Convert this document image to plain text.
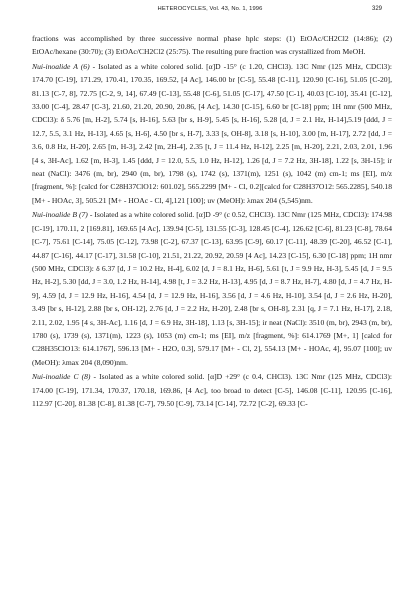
HETEROCYCLES, Vol. 43, No. 1, 1996	329

fractions was accomplished by three successive normal phase hplc steps: (1) EtOAc/CH2Cl2 (14:86); (2) EtOAc/hexane (30:70); (3) EtOAc/CH2Cl2 (25:75). The resulting pure fraction was crystallized from MeOH.

Nui-inoalide A (6) - Isolated as a white colored solid. [α]D -15° (c 1.20, CHCl3). 13C Nmr (125 MHz, CDCl3): 174.70 [C-19], 171.29, 170.41, 170.35, 169.52, [4 Ac], 146.00 br [C-5], 55.48 [C-11], 120.90 [C-16], 51.05 [C-20], 81.13 [C-7, 8], 72.75 [C-2, 9, 14], 67.49 [C-13], 55.48 [C-6], 51.05 [C-17], 47.50 [C-1], 40.03 [C-10], 35.41 [C-12], 33.00 [C-4], 28.47 [C-3], 21.60, 21.20, 20.90, 20.86, [4 Ac], 14.30 [C-15], 6.60 br [C-18] ppm; 1H nmr (500 MHz, CDCl3): δ 5.76 [m, H-2], 5.74 [s, H-16], 5.63 [br s, H-9], 5.45 [s, H-16], 5.28 [d, J = 2.1 Hz, H-14],5.19 [ddd, J = 12.7, 5.5, 3.1 Hz, H-13], 4.65 [s, H-6], 4.50 [br s, H-7], 3.33 [s, OH-8], 3.18 [s, H-10], 3.00 [m, H-17], 2.72 [dd, J = 3.6, 0.8 Hz, H-20], 2.65 [m, H-3], 2.42 [m, 2H-4], 2.35 [t, J = 11.4 Hz, H-12], 2.25 [m, H-20], 2.21, 2.03, 2.01, 1.96 [4 s, 3H-Ac], 1.62 [m, H-3], 1.45 [ddd, J = 12.0, 5.5, 1.0 Hz, H-12], 1.26 [d, J = 7.2 Hz, 3H-18], 1.22 [s, 3H-15]; ir neat (NaCl): 3476 (m, br), 2940 (m, br), 1798 (s), 1742 (s), 1371(m), 1251 (s), 1042 (m) cm-1; ms [EI], m/z [fragment, %]: [calcd for C28H37ClO12: 601.02], 565.2299 [M+ - Cl, 0.2][calcd for C28H37O12: 565.2285], 540.18 [M+ - HOAc, 3], 505.21 [M+ - HOAc - Cl, 4],121 [100]; uv (MeOH): λmax 204 (5,545)nm.

Nui-inoalide B (7) - Isolated as a white colored solid. [α]D -9° (c 0.52, CHCl3). 13C Nmr (125 MHz, CDCl3): 174.98 [C-19], 170.11, 2 [169.81], 169.65 [4 Ac], 139.94 [C-5], 131.55 [C-3], 128.45 [C-4], 126.62 [C-6], 81.23 [C-8], 78.64 [C-7], 75.61 [C-14], 75.05 [C-12], 73.98 [C-2], 67.37 [C-13], 63.95 [C-9], 60.17 [C-11], 48.39 [C-20], 46.52 [C-1], 44.87 [C-16], 44.17 [C-17], 31.58 [C-10], 21.51, 21.22, 20.92, 20.59 [4 Ac], 14.23 [C-15], 6.30 [C-18] ppm; 1H nmr (500 MHz, CDCl3): δ 6.37 [d, J = 10.2 Hz, H-4], 6.02 [d, J = 8.1 Hz, H-6], 5.61 [t, J = 9.9 Hz, H-3], 5.45 [d, J = 9.5 Hz, H-2], 5.30 [dd, J = 3.0, 1.2 Hz, H-14], 4.98 [t, J = 3.2 Hz, H-13], 4.95 [d, J = 8.7 Hz, H-7], 4.80 [d, J = 4.7 Hz, H-9], 4.59 [d, J = 12.9 Hz, H-16], 4.54 [d, J = 12.9 Hz, H-16], 3.56 [d, J = 4.6 Hz, H-10], 3.54 [d, J = 2.6 Hz, H-20], 3.49 [br s, H-12], 2.88 [br s, OH-12], 2.76 [d, J = 2.2 Hz, H-20], 2.48 [br s, OH-8], 2.31 [q, J = 7.1 Hz, H-17], 2.18, 2.11, 2.02, 1.95 [4 s, 3H-Ac], 1.16 [d, J = 6.9 Hz, 3H-18], 1.13 [s, 3H-15]; ir neat (NaCl): 3510 (m, br), 2943 (m, br), 1780 (s), 1739 (s), 1371(m), 1223 (s), 1053 (m) cm-1; ms [EI], m/z [fragment, %]: 614.1769 [M+, 1] [calcd for C28H35ClO13: 614.1767], 596.13 [M+ - H2O, 0.3], 579.17 [M+ - Cl, 2], 554.13 [M+ - HOAc, 4], 95.07 [100]; uv (MeOH): λmax 204 (8,090)nm.

Nui-inoalide C (8) - Isolated as a white colored solid. [α]D +29° (c 0.4, CHCl3). 13C Nmr (125 MHz, CDCl3): 174.00 [C-19], 171.34, 170.37, 170.18, 169.86, [4 Ac], too broad to detect [C-5], 146.08 [C-11], 120.95 [C-16], 112.97 [C-20], 81.38 [C-8], 81.38 [C-7], 79.50 [C-9], 73.14 [C-14], 72.72 [C-2], 69.33 [C-
